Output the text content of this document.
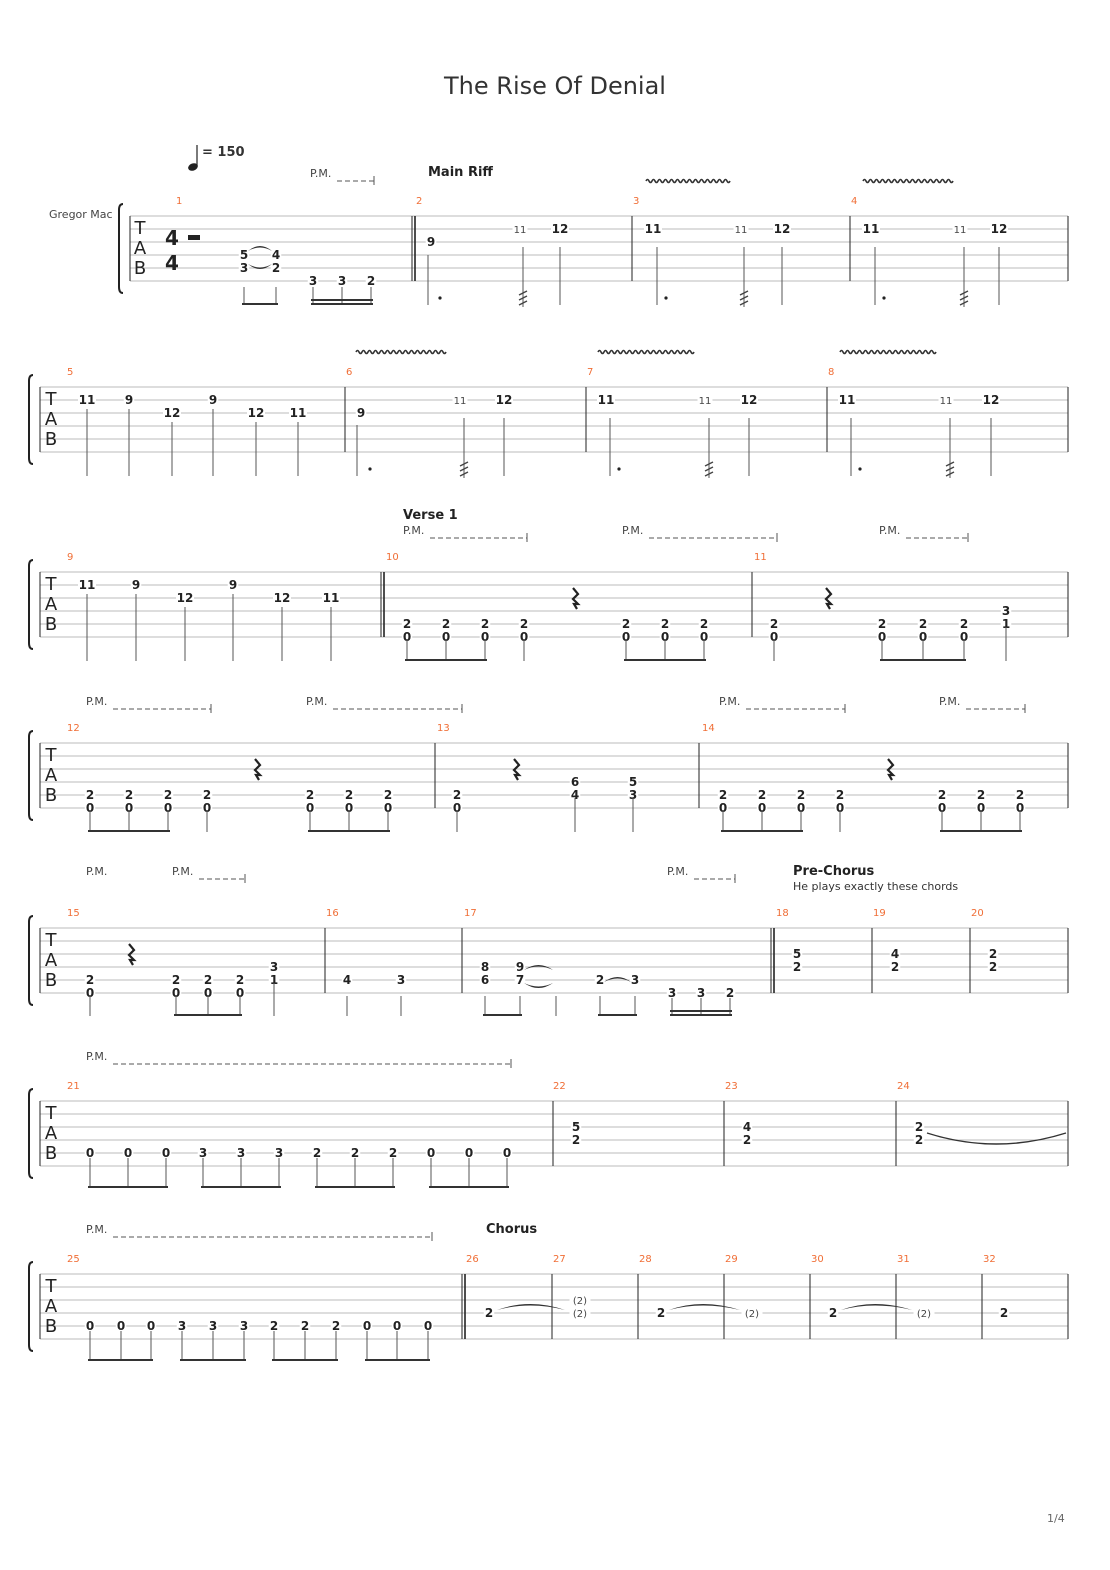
The Rise Of Denial
Gregor Mac
= 150
1/4
T
A
B
1	2	3	4
T
A
B
5	6	7	8
T
A
B
9	10	11
T
A
B
12	13	14
T
A
B
15	16	17	18	19	20
T
A
B
21	22	23	24
T
A
B
25	26	27	28	29	30	31	32
4
4	5
3
4
2
3 3 2
P.M.	Main Riff
9
11 12	11	11 12	11	11 12
11 9
12
9
12 11	9
11 12	11	11 12	11	11	12
11	9
12
9
12	11
Verse 1
P.M.	P.M.	P.M.
2
0
2
0
2
0
2
0
2
0
2
0
2
0
2
0
2
0
2
0
2
0
3
1
P.M.	P.M.	P.M.	P.M.
2
0
2
0
2
0
2
0
2
0
2
0
2
0
2
0
6
4
5
3	2
0
2
0
2
0
2
0
2
0
2
0
2
0
P.M.	P.M.	P.M.	Pre-Chorus
He plays exactly these chords
2
0
2
0
2
0
2
0
3
1	4	3
8
6
9
7	2 3
3 3 2
5
2
4
2
2
2
P.M.
0 0 0 3 3 3 2 2 2 0 0 0
5
2
4
2
2
2
P.M.	Chorus
0 0 0 3 3 3 2 2 2 0 0 0
2
(2)
(2)	2	(2)	2	(2)	2
